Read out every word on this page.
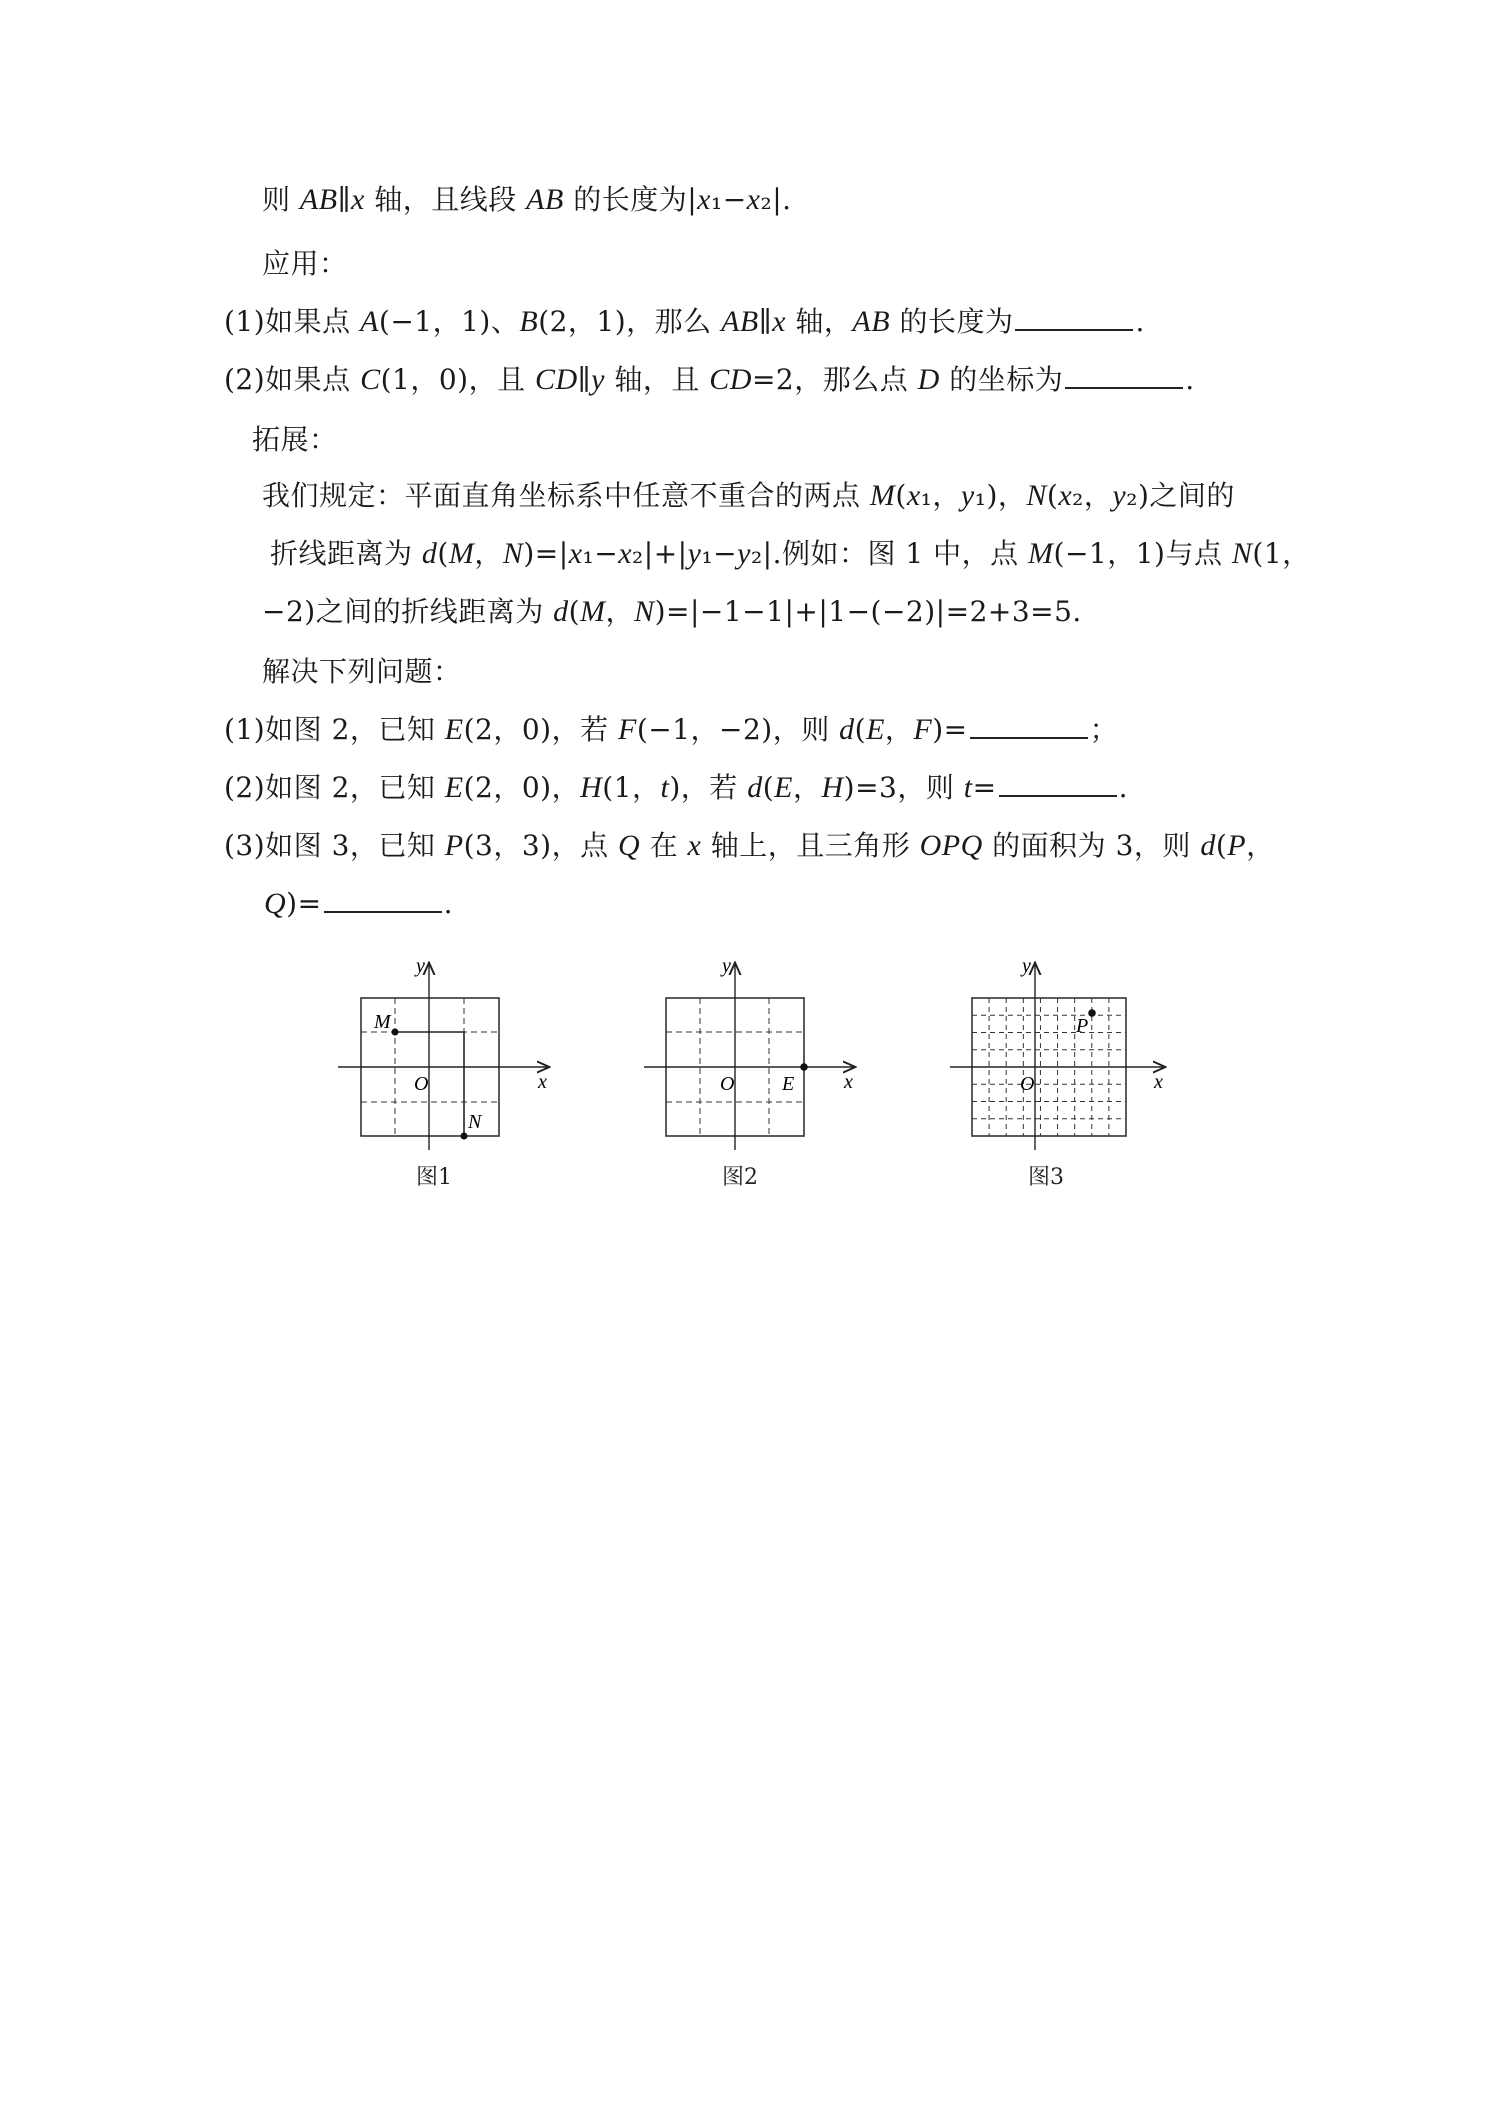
则 AB∥x 轴，且线段 AB 的长度为|x₁−x₂|.
应用：
(1)如果点 A(−1，1)、B(2，1)，那么 AB∥x 轴，AB 的长度为	.
(2)如果点 C(1，0)，且 CD∥y 轴，且 CD=2，那么点 D 的坐标为	.
拓展：
我们规定：平面直角坐标系中任意不重合的两点 M(x₁，y₁)，N(x₂，y₂)之间的
折线距离为 d(M，N)=|x₁−x₂|+|y₁−y₂|.例如：图 1 中，点 M(−1，1)与点 N(1，
−2)之间的折线距离为 d(M，N)=|−1−1|+|1−(−2)|=2+3=5.
解决下列问题：
(1)如图 2，已知 E(2，0)，若 F(−1，−2)，则 d(E，F)=	；
(2)如图 2，已知 E(2，0)，H(1，t)，若 d(E，H)=3，则 t=	.
(3)如图 3，已知 P(3，3)，点 Q 在 x 轴上，且三角形 OPQ 的面积为 3，则 d(P，
Q)=	.
y
x
O
M
N
y
x
O E
y
x
O
P
图1	图2	图3
